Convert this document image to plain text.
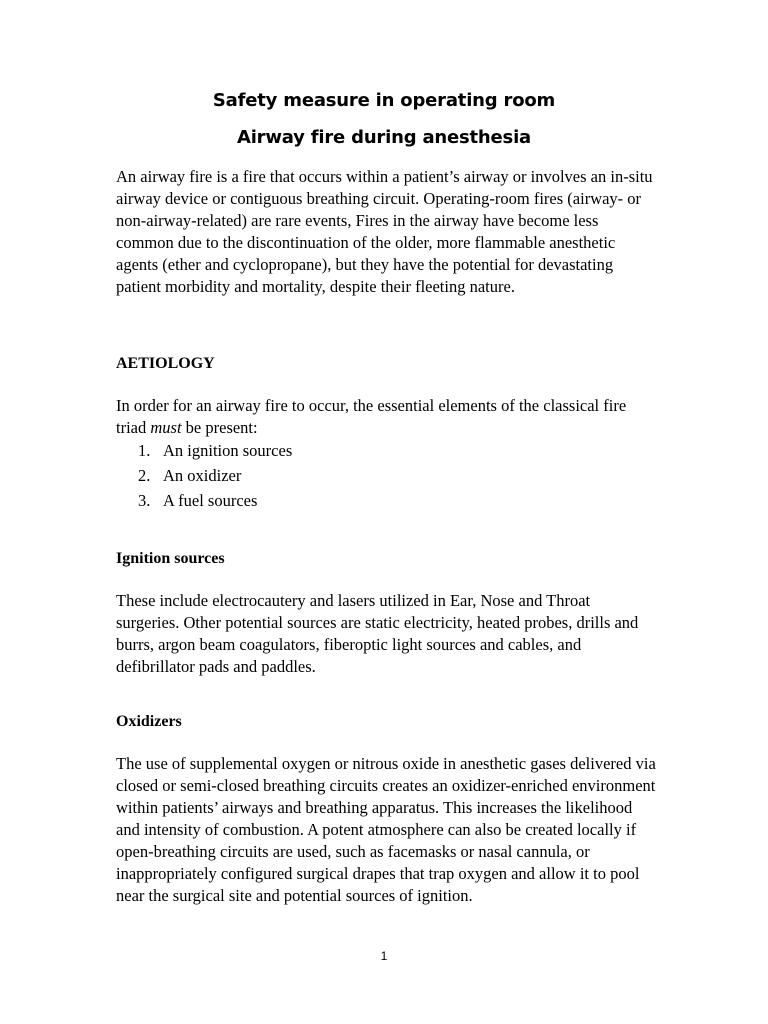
Safety measure in operating room
Airway fire during anesthesia
An airway fire is a fire that occurs within a patient’s airway or involves an in-situ airway device or contiguous breathing circuit. Operating-room fires (airway- or non-airway-related) are rare events, Fires in the airway have become less common due to the discontinuation of the older, more flammable anesthetic agents (ether and cyclopropane), but they have the potential for devastating patient morbidity and mortality, despite their fleeting nature.
AETIOLOGY
In order for an airway fire to occur, the essential elements of the classical fire triad must be present:
1. An ignition sources
2. An oxidizer
3. A fuel sources
Ignition sources
These include electrocautery and lasers utilized in Ear, Nose and Throat surgeries. Other potential sources are static electricity, heated probes, drills and burrs, argon beam coagulators, fiberoptic light sources and cables, and defibrillator pads and paddles.
Oxidizers
The use of supplemental oxygen or nitrous oxide in anesthetic gases delivered via closed or semi-closed breathing circuits creates an oxidizer-enriched environment within patients’ airways and breathing apparatus. This increases the likelihood and intensity of combustion. A potent atmosphere can also be created locally if open-breathing circuits are used, such as facemasks or nasal cannula, or inappropriately configured surgical drapes that trap oxygen and allow it to pool near the surgical site and potential sources of ignition.
1
